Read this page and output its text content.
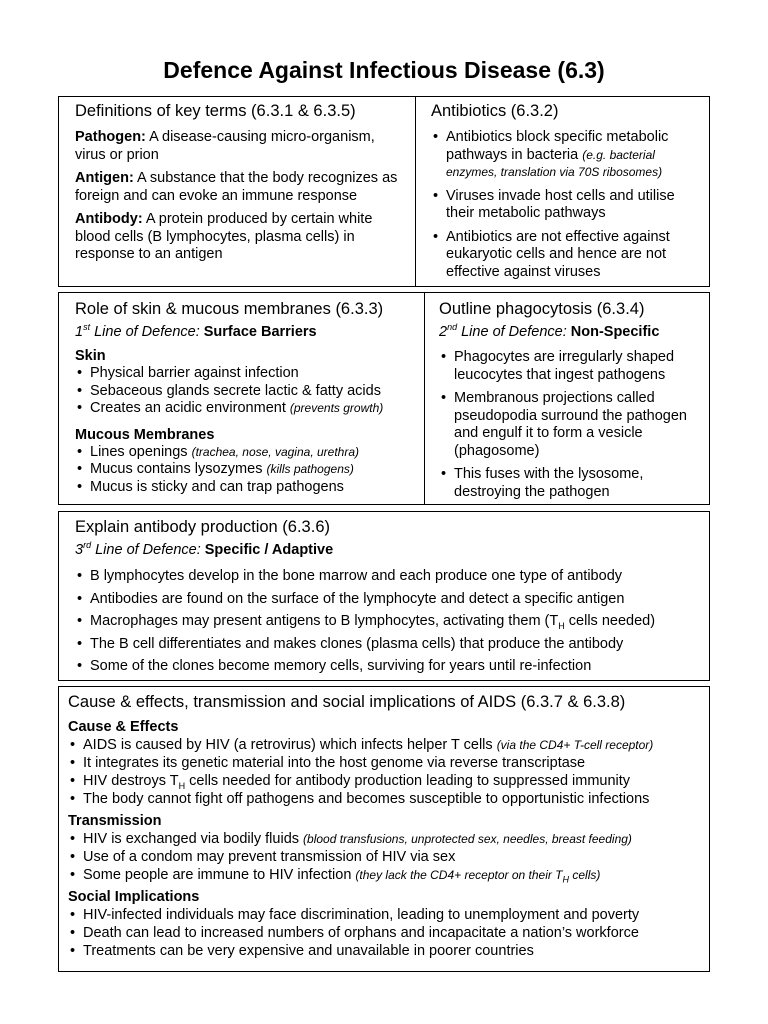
Defence Against Infectious Disease (6.3)
Definitions of key terms (6.3.1 & 6.3.5)
Pathogen: A disease-causing micro-organism, virus or prion
Antigen: A substance that the body recognizes as foreign and can evoke an immune response
Antibody: A protein produced by certain white blood cells (B lymphocytes, plasma cells) in response to an antigen
Antibiotics (6.3.2)
• Antibiotics block specific metabolic pathways in bacteria (e.g. bacterial enzymes, translation via 70S ribosomes)
• Viruses invade host cells and utilise their metabolic pathways
• Antibiotics are not effective against eukaryotic cells and hence are not effective against viruses
Role of skin & mucous membranes (6.3.3)
1st Line of Defence: Surface Barriers
Skin
• Physical barrier against infection
• Sebaceous glands secrete lactic & fatty acids
• Creates an acidic environment (prevents growth)
Mucous Membranes
• Lines openings (trachea, nose, vagina, urethra)
• Mucus contains lysozymes (kills pathogens)
• Mucus is sticky and can trap pathogens
Outline phagocytosis (6.3.4)
2nd Line of Defence: Non-Specific
• Phagocytes are irregularly shaped leucocytes that ingest pathogens
• Membranous projections called pseudopodia surround the pathogen and engulf it to form a vesicle (phagosome)
• This fuses with the lysosome, destroying the pathogen
Explain antibody production (6.3.6)
3rd Line of Defence: Specific / Adaptive
• B lymphocytes develop in the bone marrow and each produce one type of antibody
• Antibodies are found on the surface of the lymphocyte and detect a specific antigen
• Macrophages may present antigens to B lymphocytes, activating them ($T_H$ cells needed)
• The B cell differentiates and makes clones (plasma cells) that produce the antibody
• Some of the clones become memory cells, surviving for years until re-infection
Cause & effects, transmission and social implications of AIDS (6.3.7 & 6.3.8)
Cause & Effects
• AIDS is caused by HIV (a retrovirus) which infects helper T cells (via the CD4+ T-cell receptor)
• It integrates its genetic material into the host genome via reverse transcriptase
• HIV destroys $T_H$ cells needed for antibody production leading to suppressed immunity
• The body cannot fight off pathogens and becomes susceptible to opportunistic infections
Transmission
• HIV is exchanged via bodily fluids (blood transfusions, unprotected sex, needles, breast feeding)
• Use of a condom may prevent transmission of HIV via sex
• Some people are immune to HIV infection (they lack the CD4+ receptor on their $T_H$ cells)
Social Implications
• HIV-infected individuals may face discrimination, leading to unemployment and poverty
• Death can lead to increased numbers of orphans and incapacitate a nation’s workforce
• Treatments can be very expensive and unavailable in poorer countries
